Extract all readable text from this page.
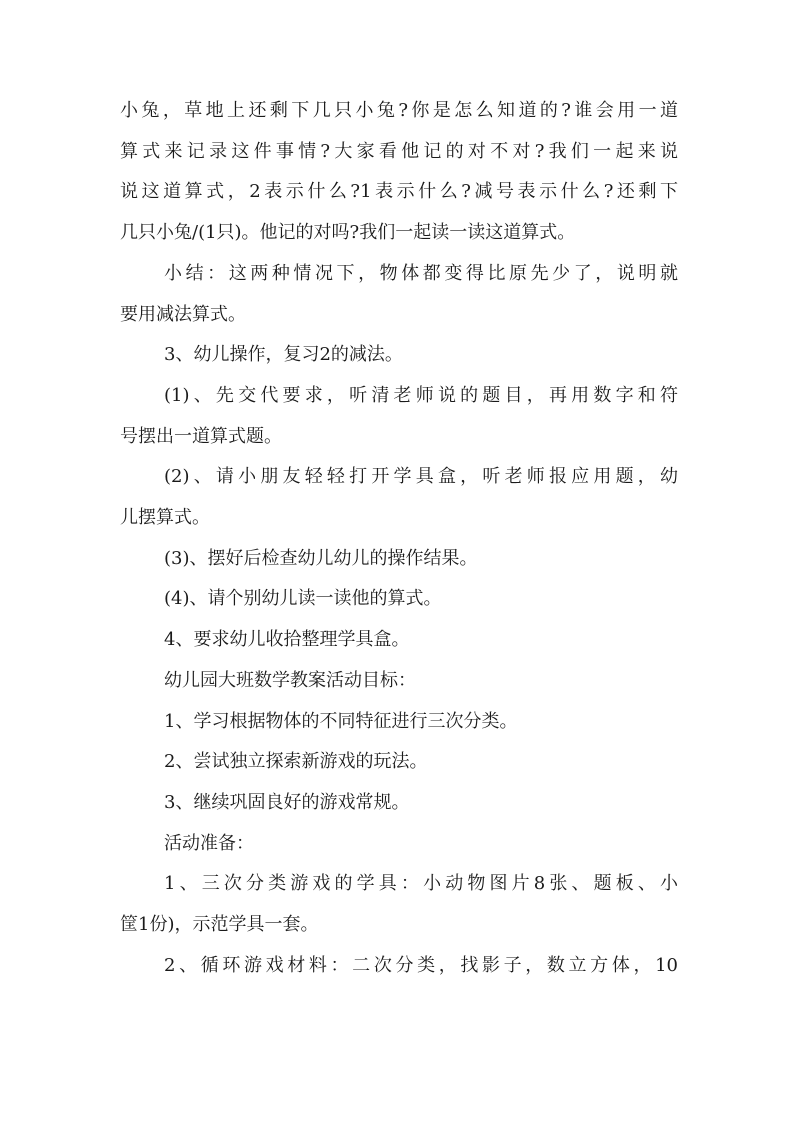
小兔，草地上还剩下几只小兔?你是怎么知道的?谁会用一道

算式来记录这件事情?大家看他记的对不对?我们一起来说

说这道算式，2表示什么?1表示什么?减号表示什么?还剩下

几只小兔/(1只)。他记的对吗?我们一起读一读这道算式。

小结：这两种情况下，物体都变得比原先少了，说明就

要用减法算式。

3、幼儿操作，复习2的减法。

(1)、先交代要求，听清老师说的题目，再用数字和符

号摆出一道算式题。

(2)、请小朋友轻轻打开学具盒，听老师报应用题，幼

儿摆算式。

(3)、摆好后检查幼儿幼儿的操作结果。

(4)、请个别幼儿读一读他的算式。

4、要求幼儿收拾整理学具盒。

幼儿园大班数学教案活动目标：

1、学习根据物体的不同特征进行三次分类。

2、尝试独立探索新游戏的玩法。

3、继续巩固良好的游戏常规。

活动准备：

1、三次分类游戏的学具：小动物图片8张、题板、小

筐1份)，示范学具一套。

2、循环游戏材料：二次分类，找影子，数立方体，10
